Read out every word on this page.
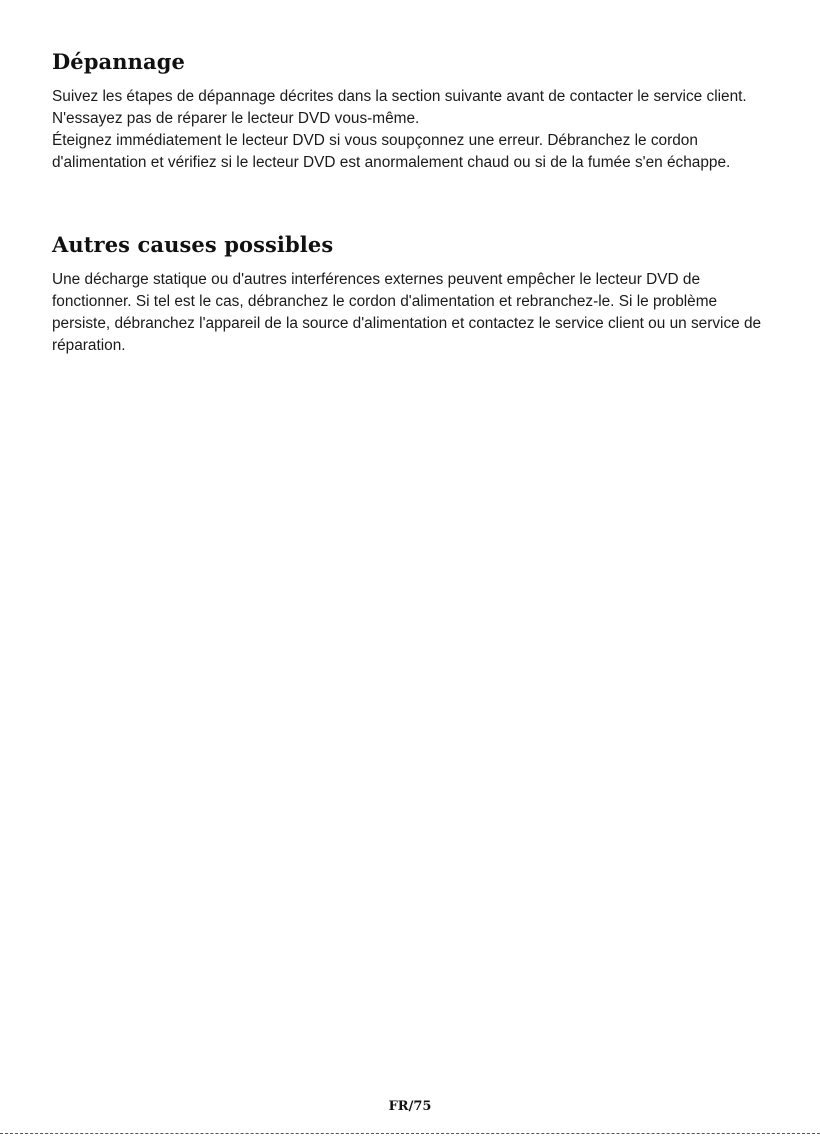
Dépannage

Suivez les étapes de dépannage décrites dans la section suivante avant de contacter le service client. N'essayez pas de réparer le lecteur DVD vous-même.

Éteignez immédiatement le lecteur DVD si vous soupçonnez une erreur. Débranchez le cordon d'alimentation et vérifiez si le lecteur DVD est anormalement chaud ou si de la fumée s'en échappe.

Autres causes possibles

Une décharge statique ou d'autres interférences externes peuvent empêcher le lecteur DVD de fonctionner. Si tel est le cas, débranchez le cordon d'alimentation et rebranchez-le. Si le problème persiste, débranchez l'appareil de la source d'alimentation et contactez le service client ou un service de réparation.

FR/75
